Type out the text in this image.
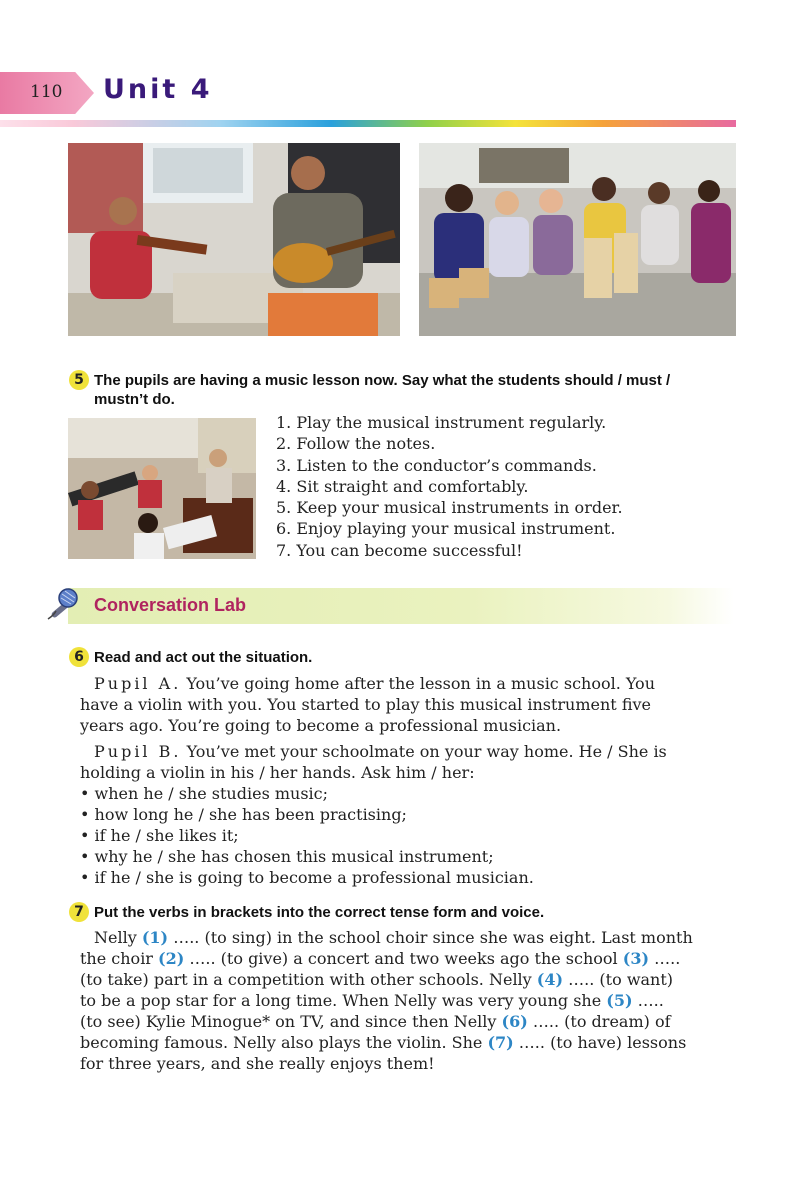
110 Unit 4
5 The pupils are having a music lesson now. Say what the students should / must /
mustn’t do.
1. Play the musical instrument regularly.
2. Follow the notes.
3. Listen to the conductor’s commands.
4. Sit straight and comfortably.
5. Keep your musical instruments in order.
6. Enjoy playing your musical instrument.
7. You can become successful!
Conversation Lab
6 Read and act out the situation.
Pupil A. You’ve going home after the lesson in a music school. You
have a violin with you. You started to play this musical instrument five
years ago. You’re going to become a professional musician.
Pupil B. You’ve met your schoolmate on your way home. He / She is
holding a violin in his / her hands. Ask him / her:
• when he / she studies music;
• how long he / she has been practising;
• if he / she likes it;
• why he / she has chosen this musical instrument;
• if he / she is going to become a professional musician.
7 Put the verbs in brackets into the correct tense form and voice.
Nelly (1) ….. (to sing) in the school choir since she was eight. Last month
the choir (2) ….. (to give) a concert and two weeks ago the school (3) …..
(to take) part in a competition with other schools. Nelly (4) ….. (to want)
to be a pop star for a long time. When Nelly was very young she (5) …..
(to see) Kylie Minogue* on TV, and since then Nelly (6) ….. (to dream) of
becoming famous. Nelly also plays the violin. She (7) ….. (to have) lessons
for three years, and she really enjoys them!
